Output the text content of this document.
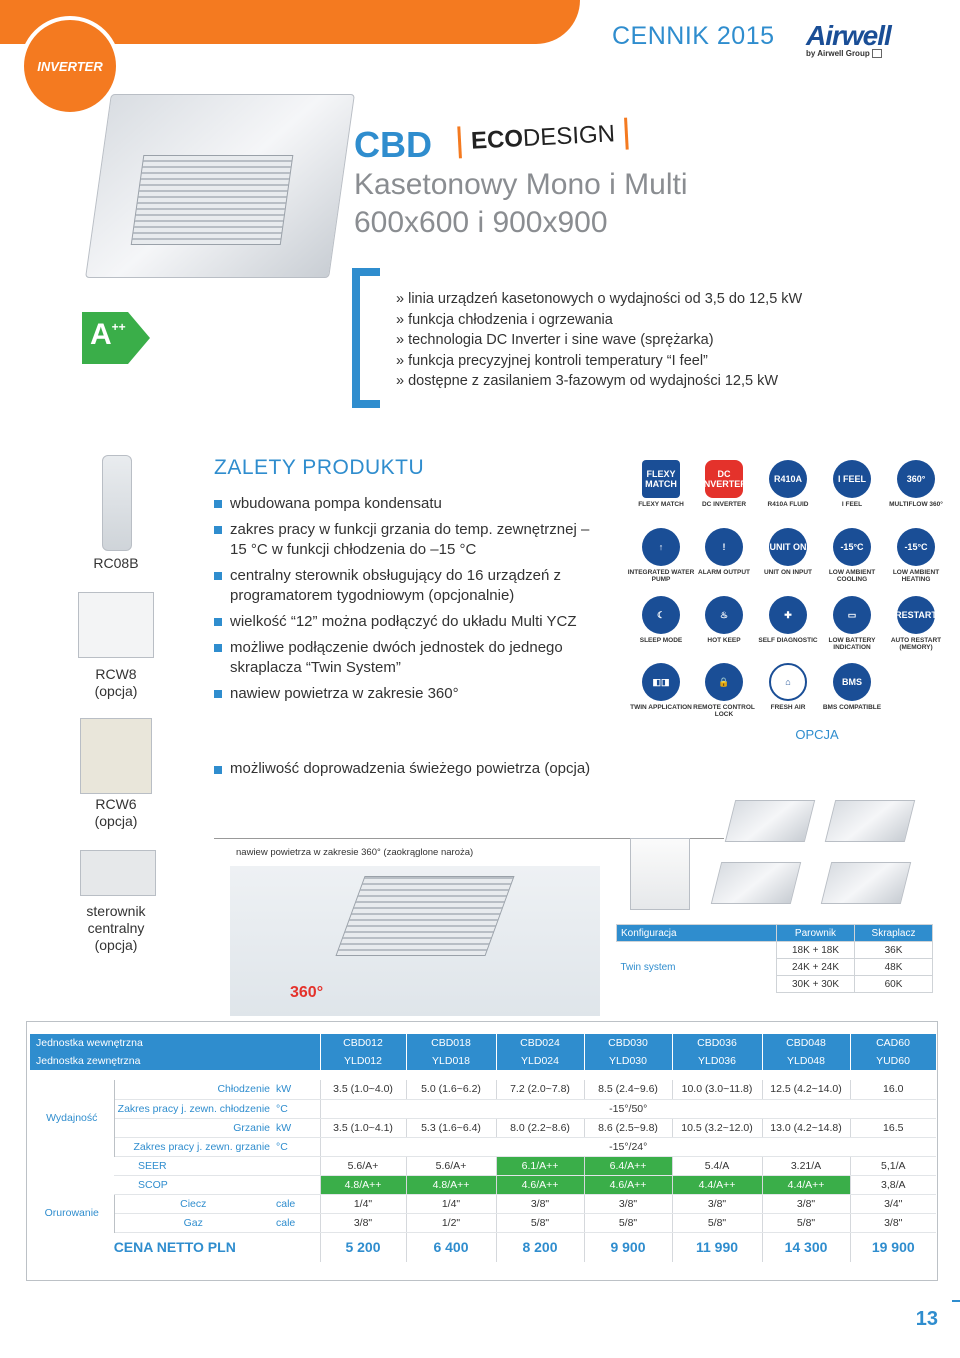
INVERTER
CENNIK 2015 Airwell
by Airwell Group
CBD	ECODESIGN
Kasetonowy Mono i Multi
600x600 i 900x900
A++
» linia urządzeń kasetonowych o wydajności od 3,5 do 12,5 kW
» funkcja chłodzenia i ogrzewania
» technologia DC Inverter i sine wave (sprężarka)
» funkcja precyzyjnej kontroli temperatury “I feel”
» dostępne z zasilaniem 3-fazowym od wydajności 12,5 kW
RC08B
RCW8
(opcja)
RCW6
(opcja)
sterownik
centralny
(opcja)
ZALETY PRODUKTU
wbudowana pompa kondensatu
zakres pracy w funkcji grzania do temp. zewnętrznej –15 °C w funkcji chłodzenia do –15 °C
centralny sterownik obsługujący do 16 urządzeń z programatorem tygodniowym (opcjonalnie)
wielkość “12” można podłączyć do układu Multi YCZ
możliwe podłączenie dwóch jednostek do jednego skraplacza “Twin System”
nawiew powietrza w zakresie 360°
możliwość doprowadzenia świeżego powietrza (opcja)
FLEXY MATCH
FLEXY MATCH
DC INVERTER
DC INVERTER
R410A
R410A FLUID
I FEEL
I FEEL
360°
MULTIFLOW 360°
↑
INTEGRATED WATER PUMP
!
ALARM OUTPUT
UNIT ON
UNIT ON INPUT
-15°C
LOW AMBIENT COOLING
-15°C
LOW AMBIENT HEATING
☾
SLEEP MODE
♨
HOT KEEP
✚
SELF DIAGNOSTIC
▭
LOW BATTERY INDICATION
RESTART
AUTO RESTART (MEMORY)
◧◨
TWIN APPLICATION
🔒
REMOTE CONTROL LOCK
⌂
FRESH AIR
BMS
BMS COMPATIBLE
OPCJA
nawiew powietrza w zakresie 360° (zaokrąglone naroża)
360°
Konfiguracja	Parownik	Skraplacz
Twin system	18K + 18K	36K
	24K + 24K	48K
	30K + 30K	60K
Jednostka wewnętrzna			CBD012	CBD018	CBD024	CBD030	CBD036	CBD048	CAD60
Jednostka zewnętrzna			YLD012	YLD018	YLD024	YLD030	YLD036	YLD048	YUD60

Wydajność	Chłodzenie	kW	3.5 (1.0~4.0)	5.0 (1.6~6.2)	7.2 (2.0~7.8)	8.5 (2.4~9.6)	10.0 (3.0~11.8)	12.5 (4.2~14.0)	16.0
	Zakres pracy j. zewn. chłodzenie	°C	-15°/50°						
	Grzanie	kW	3.5 (1.0~4.1)	5.3 (1.6~6.4)	8.0 (2.2~8.6)	8.6 (2.5~9.8)	10.5 (3.2~12.0)	13.0 (4.2~14.8)	16.5
	Zakres pracy j. zewn. grzanie	°C	-15°/24°						
	SEER		5.6/A+	5.6/A+	6.1/A++	6.4/A++	5.4/A	3.21/A	5,1/A
	SCOP		4.8/A++	4.8/A++	4.6/A++	4.6/A++	4.4/A++	4.4/A++	3,8/A
Orurowanie	Ciecz	cale	1/4"	1/4"	3/8"	3/8"	3/8"	3/8"	3/4"
	Gaz	cale	3/8"	1/2"	5/8"	5/8"	5/8"	5/8"	3/8"
CENA NETTO PLN			5 200	6 400	8 200	9 900	11 990	14 300	19 900
13
